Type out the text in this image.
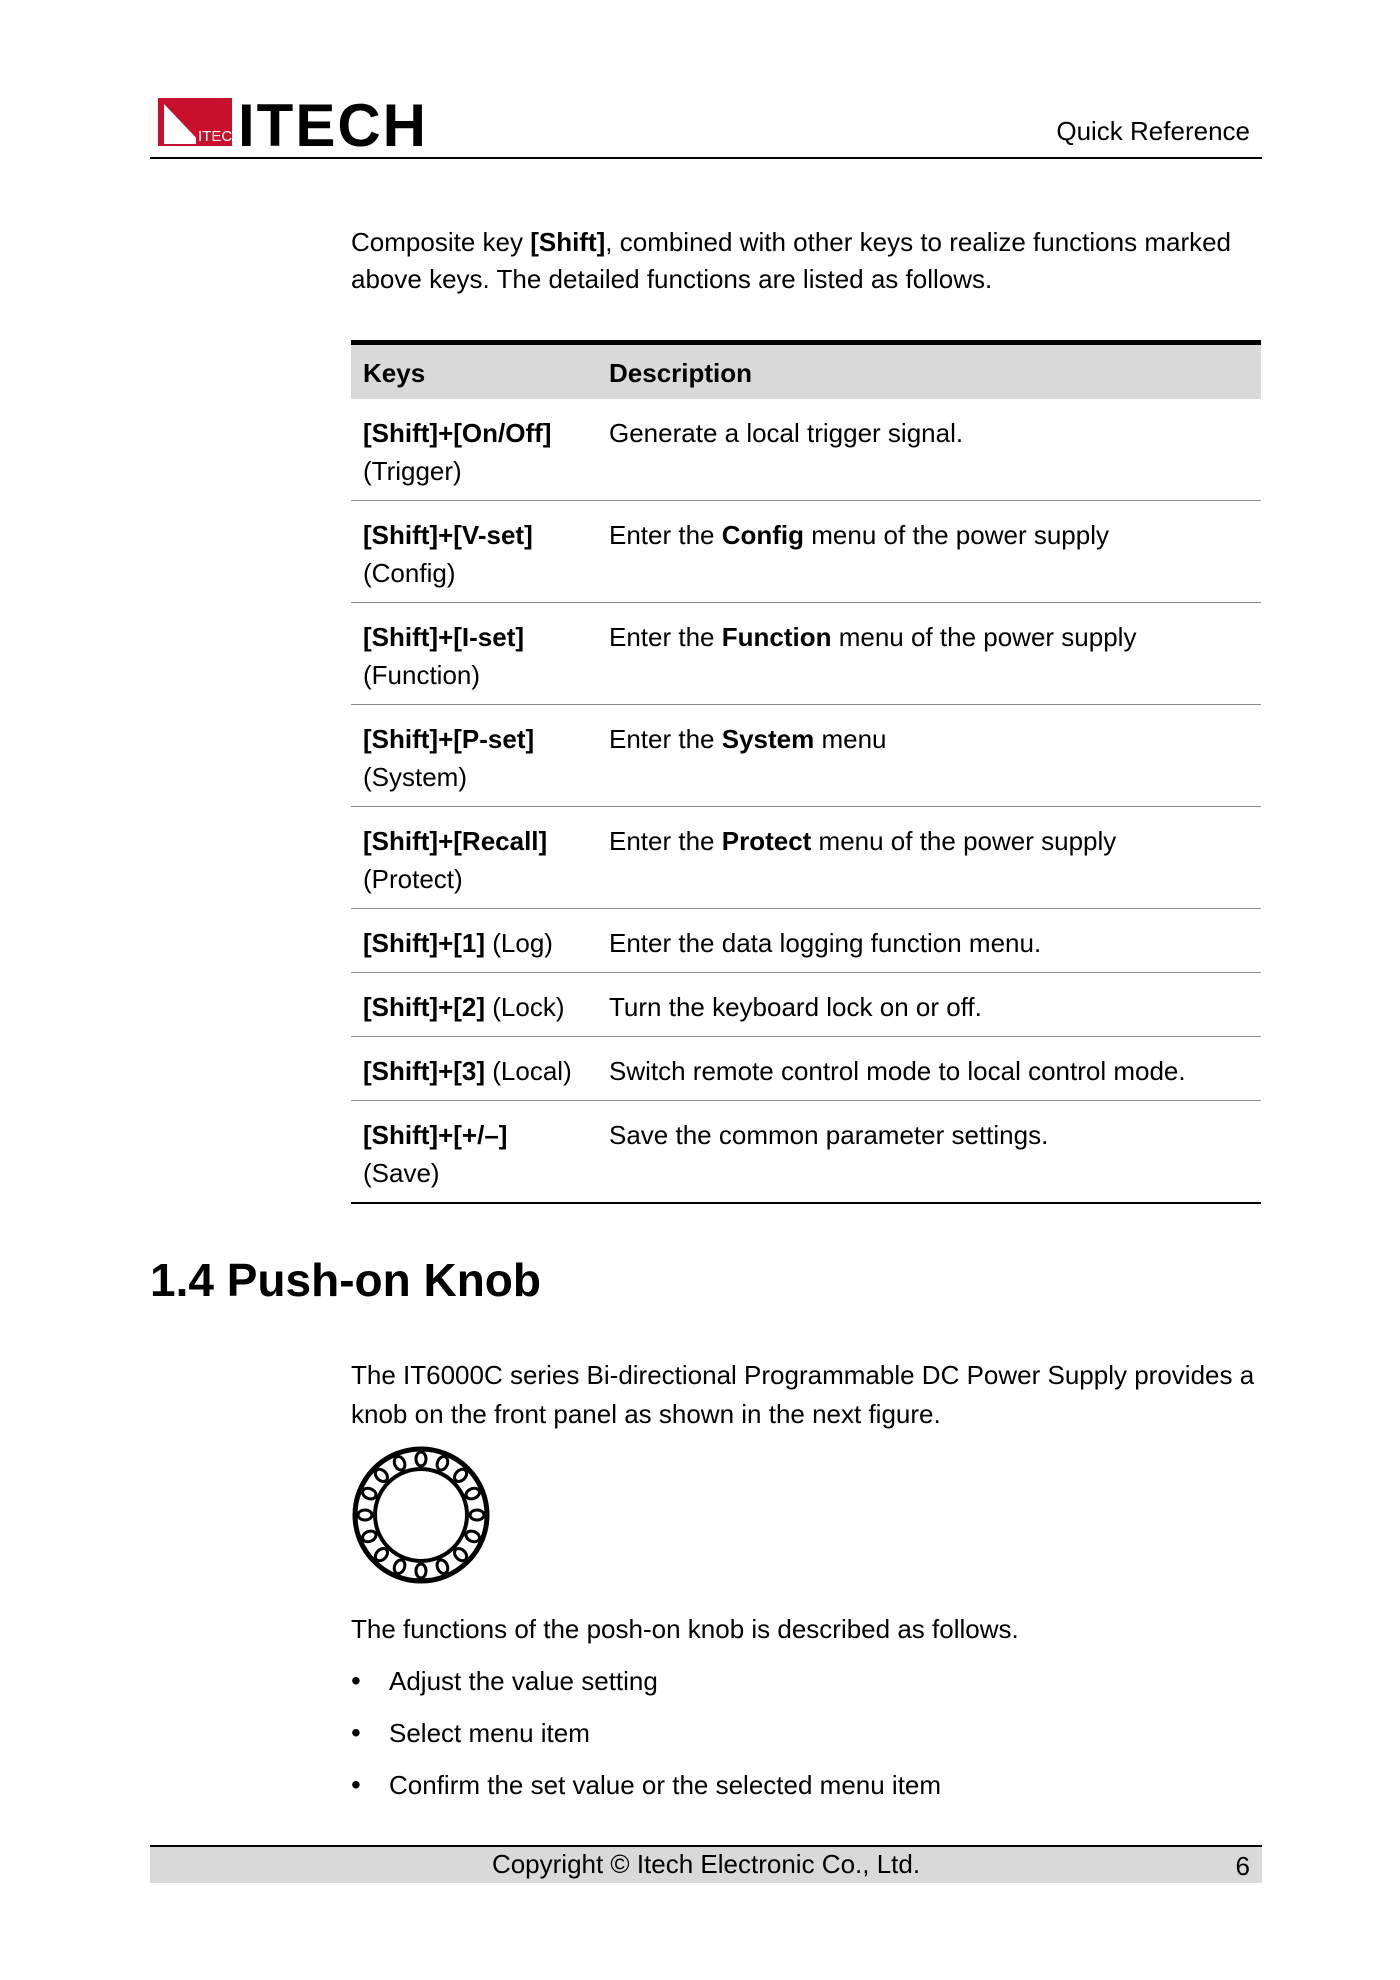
ITECH
ITECH	Quick Reference
Composite key [Shift], combined with other keys to realize functions marked above keys. The detailed functions are listed as follows.
Keys	Description
[Shift]+[On/Off]
(Trigger)	Generate a local trigger signal.
[Shift]+[V-set]
(Config)	Enter the Config menu of the power supply
[Shift]+[I-set]
(Function)	Enter the Function menu of the power supply
[Shift]+[P-set]
(System)	Enter the System menu
[Shift]+[Recall]
(Protect)	Enter the Protect menu of the power supply
[Shift]+[1] (Log)	Enter the data logging function menu.
[Shift]+[2] (Lock)	Turn the keyboard lock on or off.
[Shift]+[3] (Local)	Switch remote control mode to local control mode.
[Shift]+[+/–]
(Save)	Save the common parameter settings.
1.4 Push-on Knob
The IT6000C series Bi-directional Programmable DC Power Supply provides a knob on the front panel as shown in the next figure.
The functions of the posh-on knob is described as follows.
• Adjust the value setting
• Select menu item
• Confirm the set value or the selected menu item
Copyright © Itech Electronic Co., Ltd.	6
